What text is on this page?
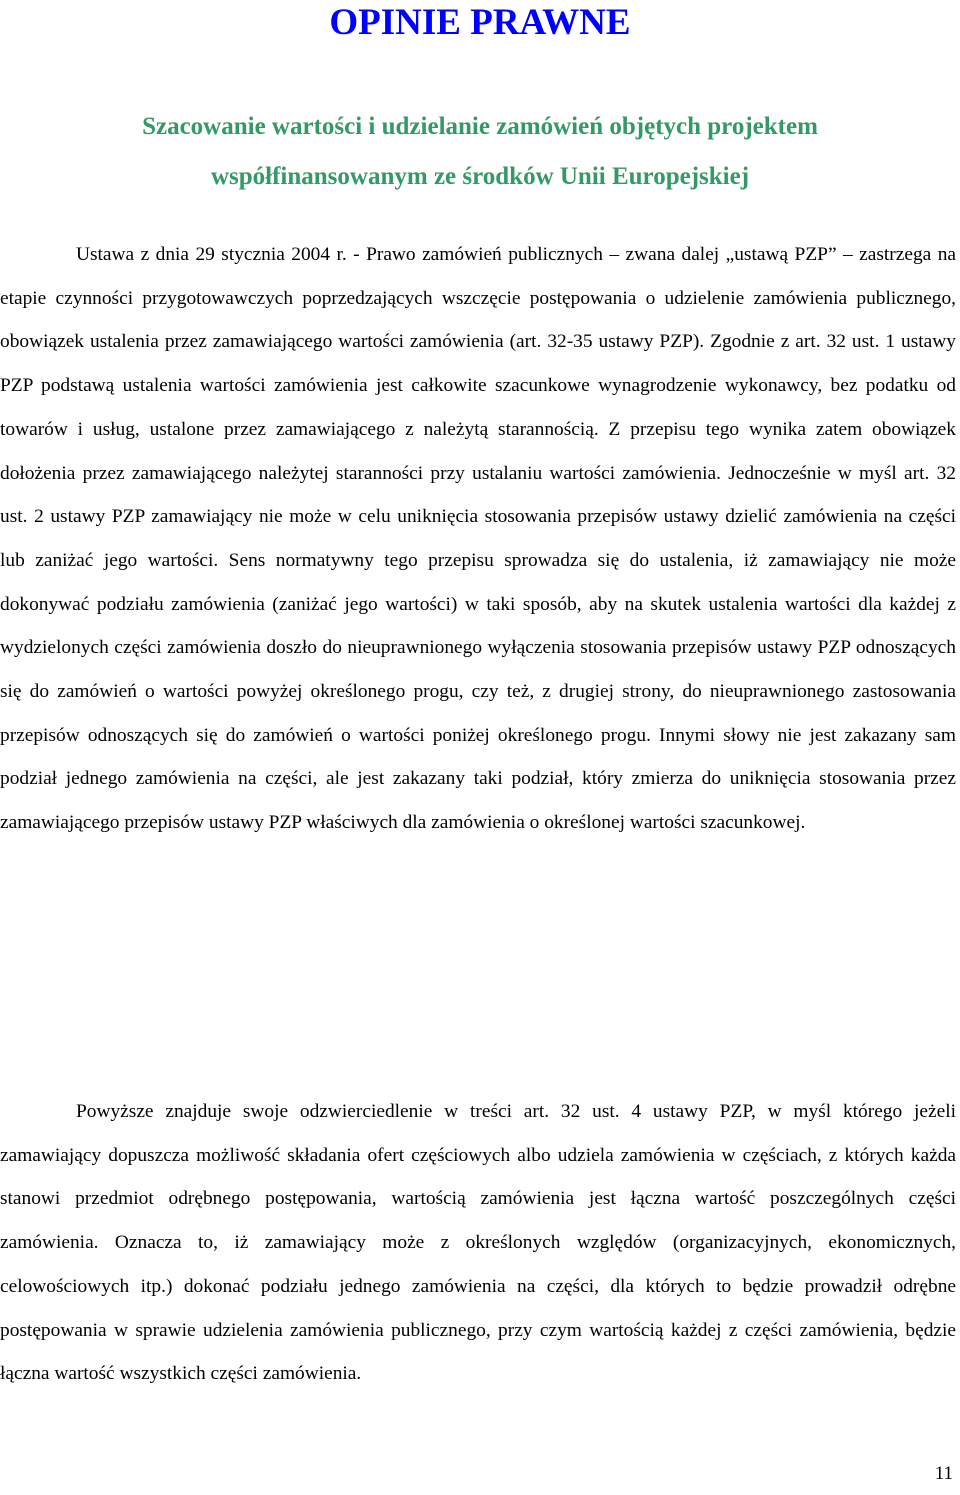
OPINIE PRAWNE
Szacowanie wartości i udzielanie zamówień objętych projektem współfinansowanym ze środków Unii Europejskiej

Ustawa z dnia 29 stycznia 2004 r. - Prawo zamówień publicznych – zwana dalej „ustawą PZP” – zastrzega na etapie czynności przygotowawczych poprzedzających wszczęcie postępowania o udzielenie zamówienia publicznego, obowiązek ustalenia przez zamawiającego wartości zamówienia (art. 32-35 ustawy PZP). Zgodnie z art. 32 ust. 1 ustawy PZP podstawą ustalenia wartości zamówienia jest całkowite szacunkowe wynagrodzenie wykonawcy, bez podatku od towarów i usług, ustalone przez zamawiającego z należytą starannością. Z przepisu tego wynika zatem obowiązek dołożenia przez zamawiającego należytej staranności przy ustalaniu wartości zamówienia. Jednocześnie w myśl art. 32 ust. 2 ustawy PZP zamawiający nie może w celu uniknięcia stosowania przepisów ustawy dzielić zamówienia na części lub zaniżać jego wartości. Sens normatywny tego przepisu sprowadza się do ustalenia, iż zamawiający nie może dokonywać podziału zamówienia (zaniżać jego wartości) w taki sposób, aby na skutek ustalenia wartości dla każdej z wydzielonych części zamówienia doszło do nieuprawnionego wyłączenia stosowania przepisów ustawy PZP odnoszących się do zamówień o wartości powyżej określonego progu, czy też, z drugiej strony, do nieuprawnionego zastosowania przepisów odnoszących się do zamówień o wartości poniżej określonego progu. Innymi słowy nie jest zakazany sam podział jednego zamówienia na części, ale jest zakazany taki podział, który zmierza do uniknięcia stosowania przez zamawiającego przepisów ustawy PZP właściwych dla zamówienia o określonej wartości szacunkowej.

Powyższe znajduje swoje odzwierciedlenie w treści art. 32 ust. 4 ustawy PZP, w myśl którego jeżeli zamawiający dopuszcza możliwość składania ofert częściowych albo udziela zamówienia w częściach, z których każda stanowi przedmiot odrębnego postępowania, wartością zamówienia jest łączna wartość poszczególnych części zamówienia. Oznacza to, iż zamawiający może z określonych względów (organizacyjnych, ekonomicznych, celowościowych itp.) dokonać podziału jednego zamówienia na części, dla których to będzie prowadził odrębne postępowania w sprawie udzielenia zamówienia publicznego, przy czym wartością każdej z części zamówienia, będzie łączna wartość wszystkich części zamówienia.

11
